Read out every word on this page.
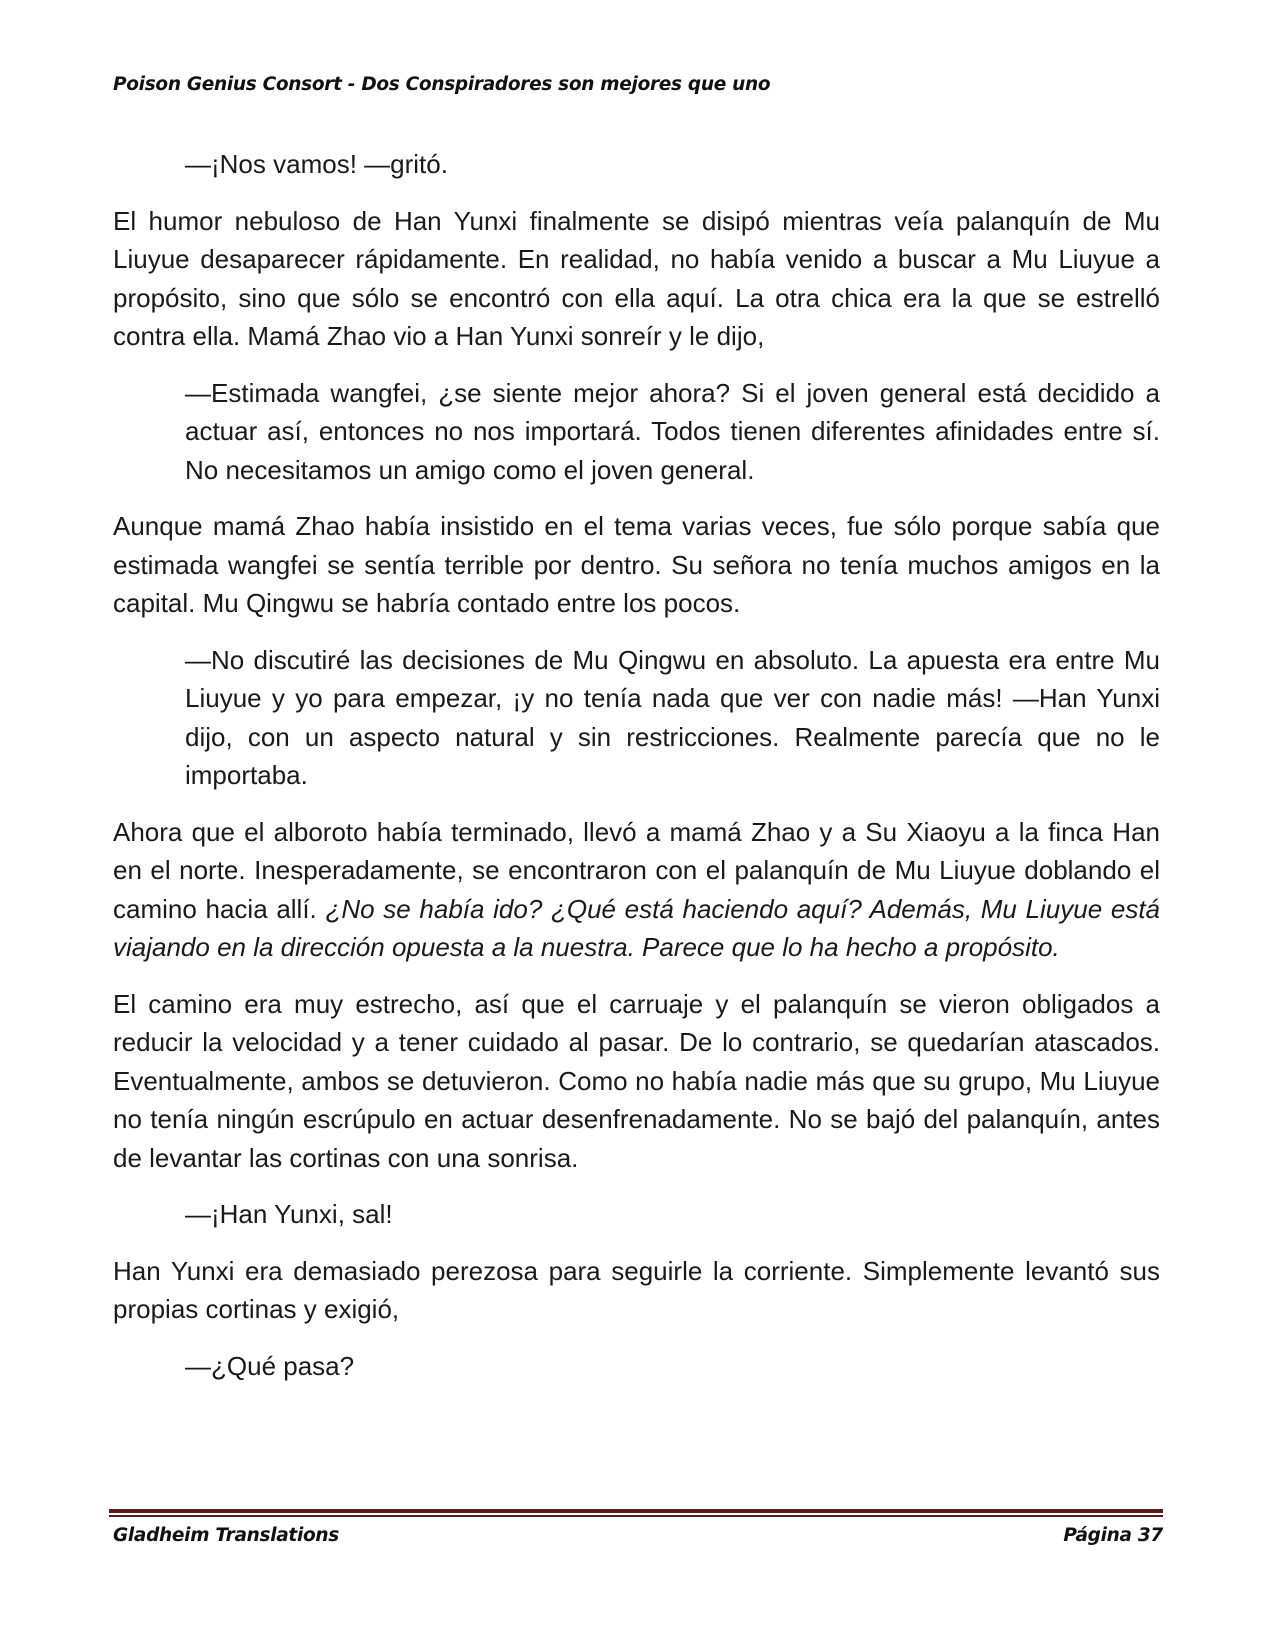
Poison Genius Consort - Dos Conspiradores son mejores que uno

—¡Nos vamos! —gritó.

El humor nebuloso de Han Yunxi finalmente se disipó mientras veía palanquín de Mu Liuyue desaparecer rápidamente. En realidad, no había venido a buscar a Mu Liuyue a propósito, sino que sólo se encontró con ella aquí. La otra chica era la que se estrelló contra ella. Mamá Zhao vio a Han Yunxi sonreír y le dijo,

—Estimada wangfei, ¿se siente mejor ahora? Si el joven general está decidido a actuar así, entonces no nos importará. Todos tienen diferentes afinidades entre sí. No necesitamos un amigo como el joven general.

Aunque mamá Zhao había insistido en el tema varias veces, fue sólo porque sabía que estimada wangfei se sentía terrible por dentro. Su señora no tenía muchos amigos en la capital. Mu Qingwu se habría contado entre los pocos.

—No discutiré las decisiones de Mu Qingwu en absoluto. La apuesta era entre Mu Liuyue y yo para empezar, ¡y no tenía nada que ver con nadie más! —Han Yunxi dijo, con un aspecto natural y sin restricciones. Realmente parecía que no le importaba.

Ahora que el alboroto había terminado, llevó a mamá Zhao y a Su Xiaoyu a la finca Han en el norte. Inesperadamente, se encontraron con el palanquín de Mu Liuyue doblando el camino hacia allí. ¿No se había ido? ¿Qué está haciendo aquí? Además, Mu Liuyue está viajando en la dirección opuesta a la nuestra. Parece que lo ha hecho a propósito.

El camino era muy estrecho, así que el carruaje y el palanquín se vieron obligados a reducir la velocidad y a tener cuidado al pasar. De lo contrario, se quedarían atascados. Eventualmente, ambos se detuvieron. Como no había nadie más que su grupo, Mu Liuyue no tenía ningún escrúpulo en actuar desenfrenadamente. No se bajó del palanquín, antes de levantar las cortinas con una sonrisa.

—¡Han Yunxi, sal!

Han Yunxi era demasiado perezosa para seguirle la corriente. Simplemente levantó sus propias cortinas y exigió,

—¿Qué pasa?

Gladheim Translations	Página 37
